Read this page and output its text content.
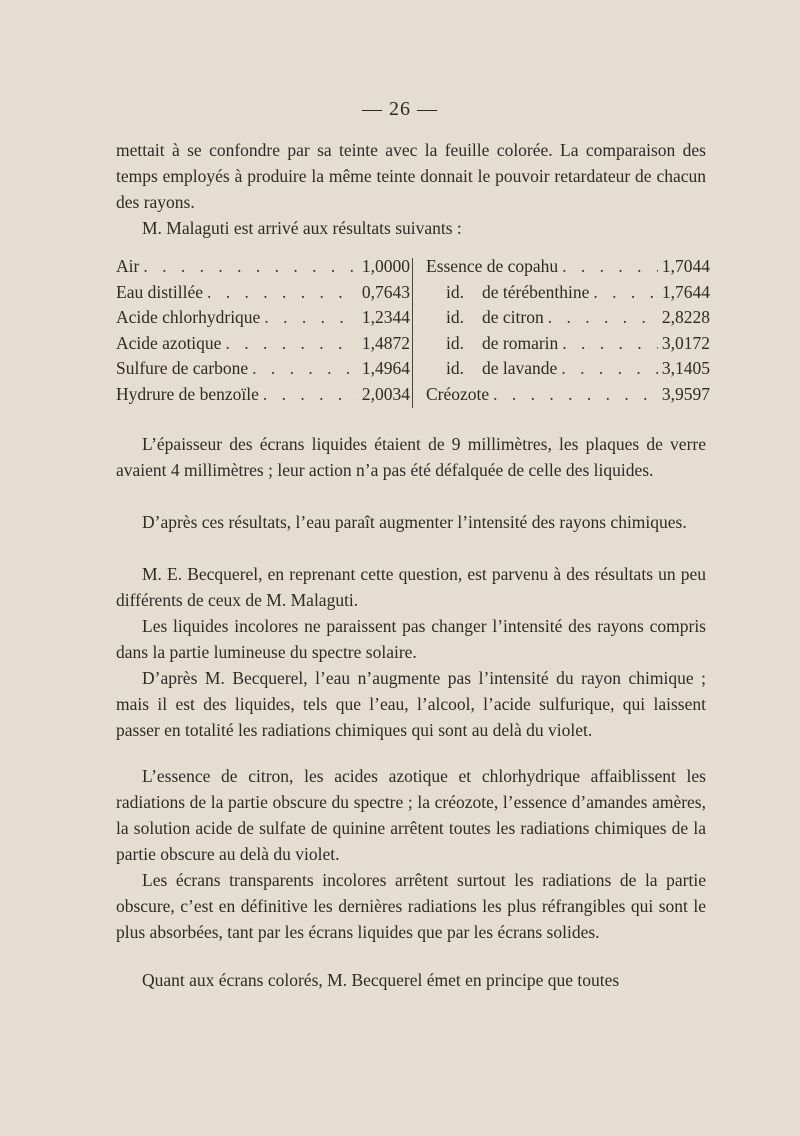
— 26 —

mettait à se confondre par sa teinte avec la feuille colorée. La comparaison des temps employés à produire la même teinte donnait le pouvoir retardateur de chacun des rayons.

M. Malaguti est arrivé aux résultats suivants :

Air . . .	1,0000
Eau distillée . . .	0,7643
Acide chlorhydrique . . .	1,2344
Acide azotique . . .	1,4872
Sulfure de carbone . . .	1,4964
Hydrure de benzoïle . . .	2,0034
Essence de copahu . . .	1,7044
id. de térébenthine . . .	1,7644
id. de citron . . .	2,8228
id. de romarin . . .	3,0172
id. de lavande . . .	3,1405
Créozote . . .	3,9597

L’épaisseur des écrans liquides étaient de 9 millimètres, les plaques de verre avaient 4 millimètres ; leur action n’a pas été défalquée de celle des liquides.

D’après ces résultats, l’eau paraît augmenter l’intensité des rayons chimiques.

M. E. Becquerel, en reprenant cette question, est parvenu à des résultats un peu différents de ceux de M. Malaguti.

Les liquides incolores ne paraissent pas changer l’intensité des rayons compris dans la partie lumineuse du spectre solaire.

D’après M. Becquerel, l’eau n’augmente pas l’intensité du rayon chimique ; mais il est des liquides, tels que l’eau, l’alcool, l’acide sulfurique, qui laissent passer en totalité les radiations chimiques qui sont au delà du violet.

L’essence de citron, les acides azotique et chlorhydrique affaiblissent les radiations de la partie obscure du spectre ; la créozote, l’essence d’amandes amères, la solution acide de sulfate de quinine arrêtent toutes les radiations chimiques de la partie obscure au delà du violet.

Les écrans transparents incolores arrêtent surtout les radiations de la partie obscure, c’est en définitive les dernières radiations les plus réfrangibles qui sont le plus absorbées, tant par les écrans liquides que par les écrans solides.

Quant aux écrans colorés, M. Becquerel émet en principe que toutes
